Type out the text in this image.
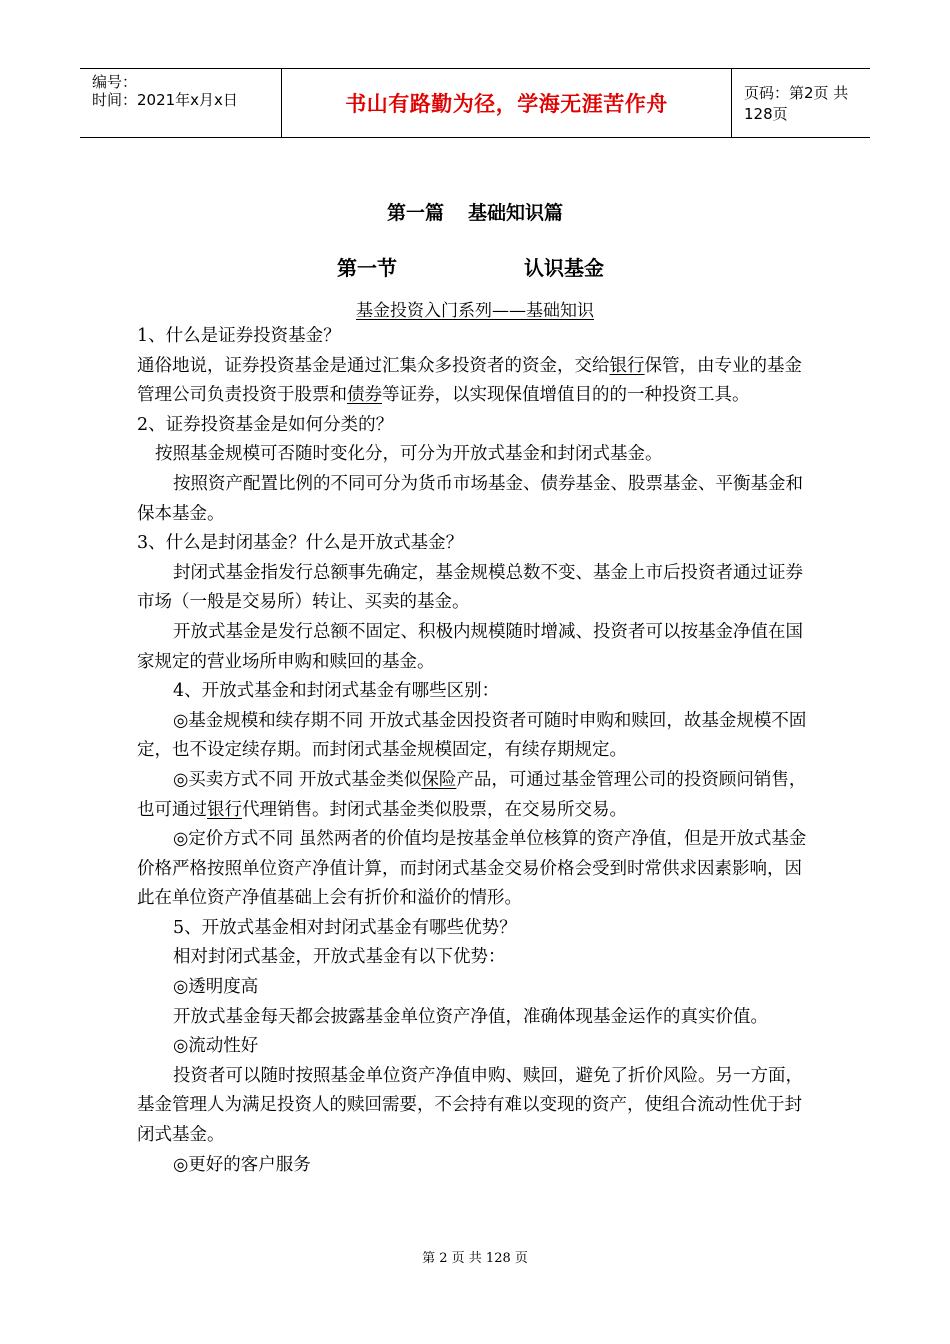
编号：
时间：2021年x月x日	书山有路勤为径，学海无涯苦作舟	页码：第2页 共128页
第一篇 基础知识篇
第一节	认识基金
基金投资入门系列——基础知识

1、什么是证券投资基金？

通俗地说，证券投资基金是通过汇集众多投资者的资金，交给银行保管，由专业的基金管理公司负责投资于股票和债券等证券，以实现保值增值目的的一种投资工具。

2、证券投资基金是如何分类的？

按照基金规模可否随时变化分，可分为开放式基金和封闭式基金。

按照资产配置比例的不同可分为货币市场基金、债券基金、股票基金、平衡基金和保本基金。

3、什么是封闭基金？什么是开放式基金？

封闭式基金指发行总额事先确定，基金规模总数不变、基金上市后投资者通过证券市场（一般是交易所）转让、买卖的基金。

开放式基金是发行总额不固定、积极内规模随时增减、投资者可以按基金净值在国家规定的营业场所申购和赎回的基金。

4、开放式基金和封闭式基金有哪些区别：

◎基金规模和续存期不同 开放式基金因投资者可随时申购和赎回，故基金规模不固定，也不设定续存期。而封闭式基金规模固定，有续存期规定。

◎买卖方式不同 开放式基金类似保险产品，可通过基金管理公司的投资顾问销售，也可通过银行代理销售。封闭式基金类似股票，在交易所交易。

◎定价方式不同 虽然两者的价值均是按基金单位核算的资产净值，但是开放式基金价格严格按照单位资产净值计算，而封闭式基金交易价格会受到时常供求因素影响，因此在单位资产净值基础上会有折价和溢价的情形。

5、开放式基金相对封闭式基金有哪些优势？

相对封闭式基金，开放式基金有以下优势：

◎透明度高

开放式基金每天都会披露基金单位资产净值，准确体现基金运作的真实价值。

◎流动性好

投资者可以随时按照基金单位资产净值申购、赎回，避免了折价风险。另一方面，基金管理人为满足投资人的赎回需要，不会持有难以变现的资产，使组合流动性优于封闭式基金。

◎更好的客户服务

第 2 页 共 128 页
